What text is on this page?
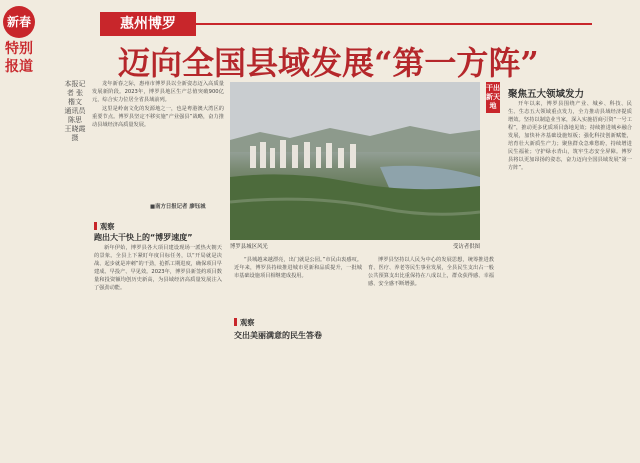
新春
特别报道
惠州博罗
迈向全国县域发展“第一方阵”
本报记者 张楷文 通讯员 陈思 王晓霞 摄

龙年新春之际，惠州市博罗县以全新姿态迈入高质量发展新阶段。2023年，博罗县地区生产总值突破900亿元，综合实力位居全省县域前列。

这里是岭南文化的发源地之一，也是粤港澳大湾区的重要节点。博罗县坚定不移实施“产业强县”战略，奋力推动县域经济高质量发展。

■南方日报记者 廖钰城
博罗县城区风光	受访者供图
干出新天地
聚焦五大领域发力

开年以来，博罗县围绕产业、城乡、科技、民生、生态五大领域重点发力，全力推动县域经济提质增效。坚持以制造业当家，深入实施招商引资“一号工程”，推动更多优质项目落地见效；持续推进城乡融合发展，加快补齐基础设施短板；强化科技创新赋能，培育壮大新质生产力；聚焦群众急难愁盼，持续增进民生福祉；守护绿水青山，筑牢生态安全屏障。博罗县将以更加昂扬的姿态，奋力迈向全国县域发展“第一方阵”。

观察
跑出大干快上的“博罗速度”

新年伊始，博罗县各大项目建设现场一派热火朝天的景象。全县上下紧盯年度目标任务，以“开局就是决战、起步就是冲刺”的干劲，抢抓工期进度，确保项目早建成、早投产、早见效。2023年，博罗县新签约项目数量和投资额均创历史新高，为县域经济高质量发展注入了强劲动能。

“县城越来越漂亮，出门就是公园。”市民由衷感叹。近年来，博罗县持续推进城市更新和品质提升，一批城市基础设施项目相继建成投用。

观察
交出美丽满意的民生答卷

博罗县坚持以人民为中心的发展思想，统筹推进教育、医疗、养老等民生事业发展，全县民生支出占一般公共预算支出比重保持在八成以上，群众获得感、幸福感、安全感不断增强。
